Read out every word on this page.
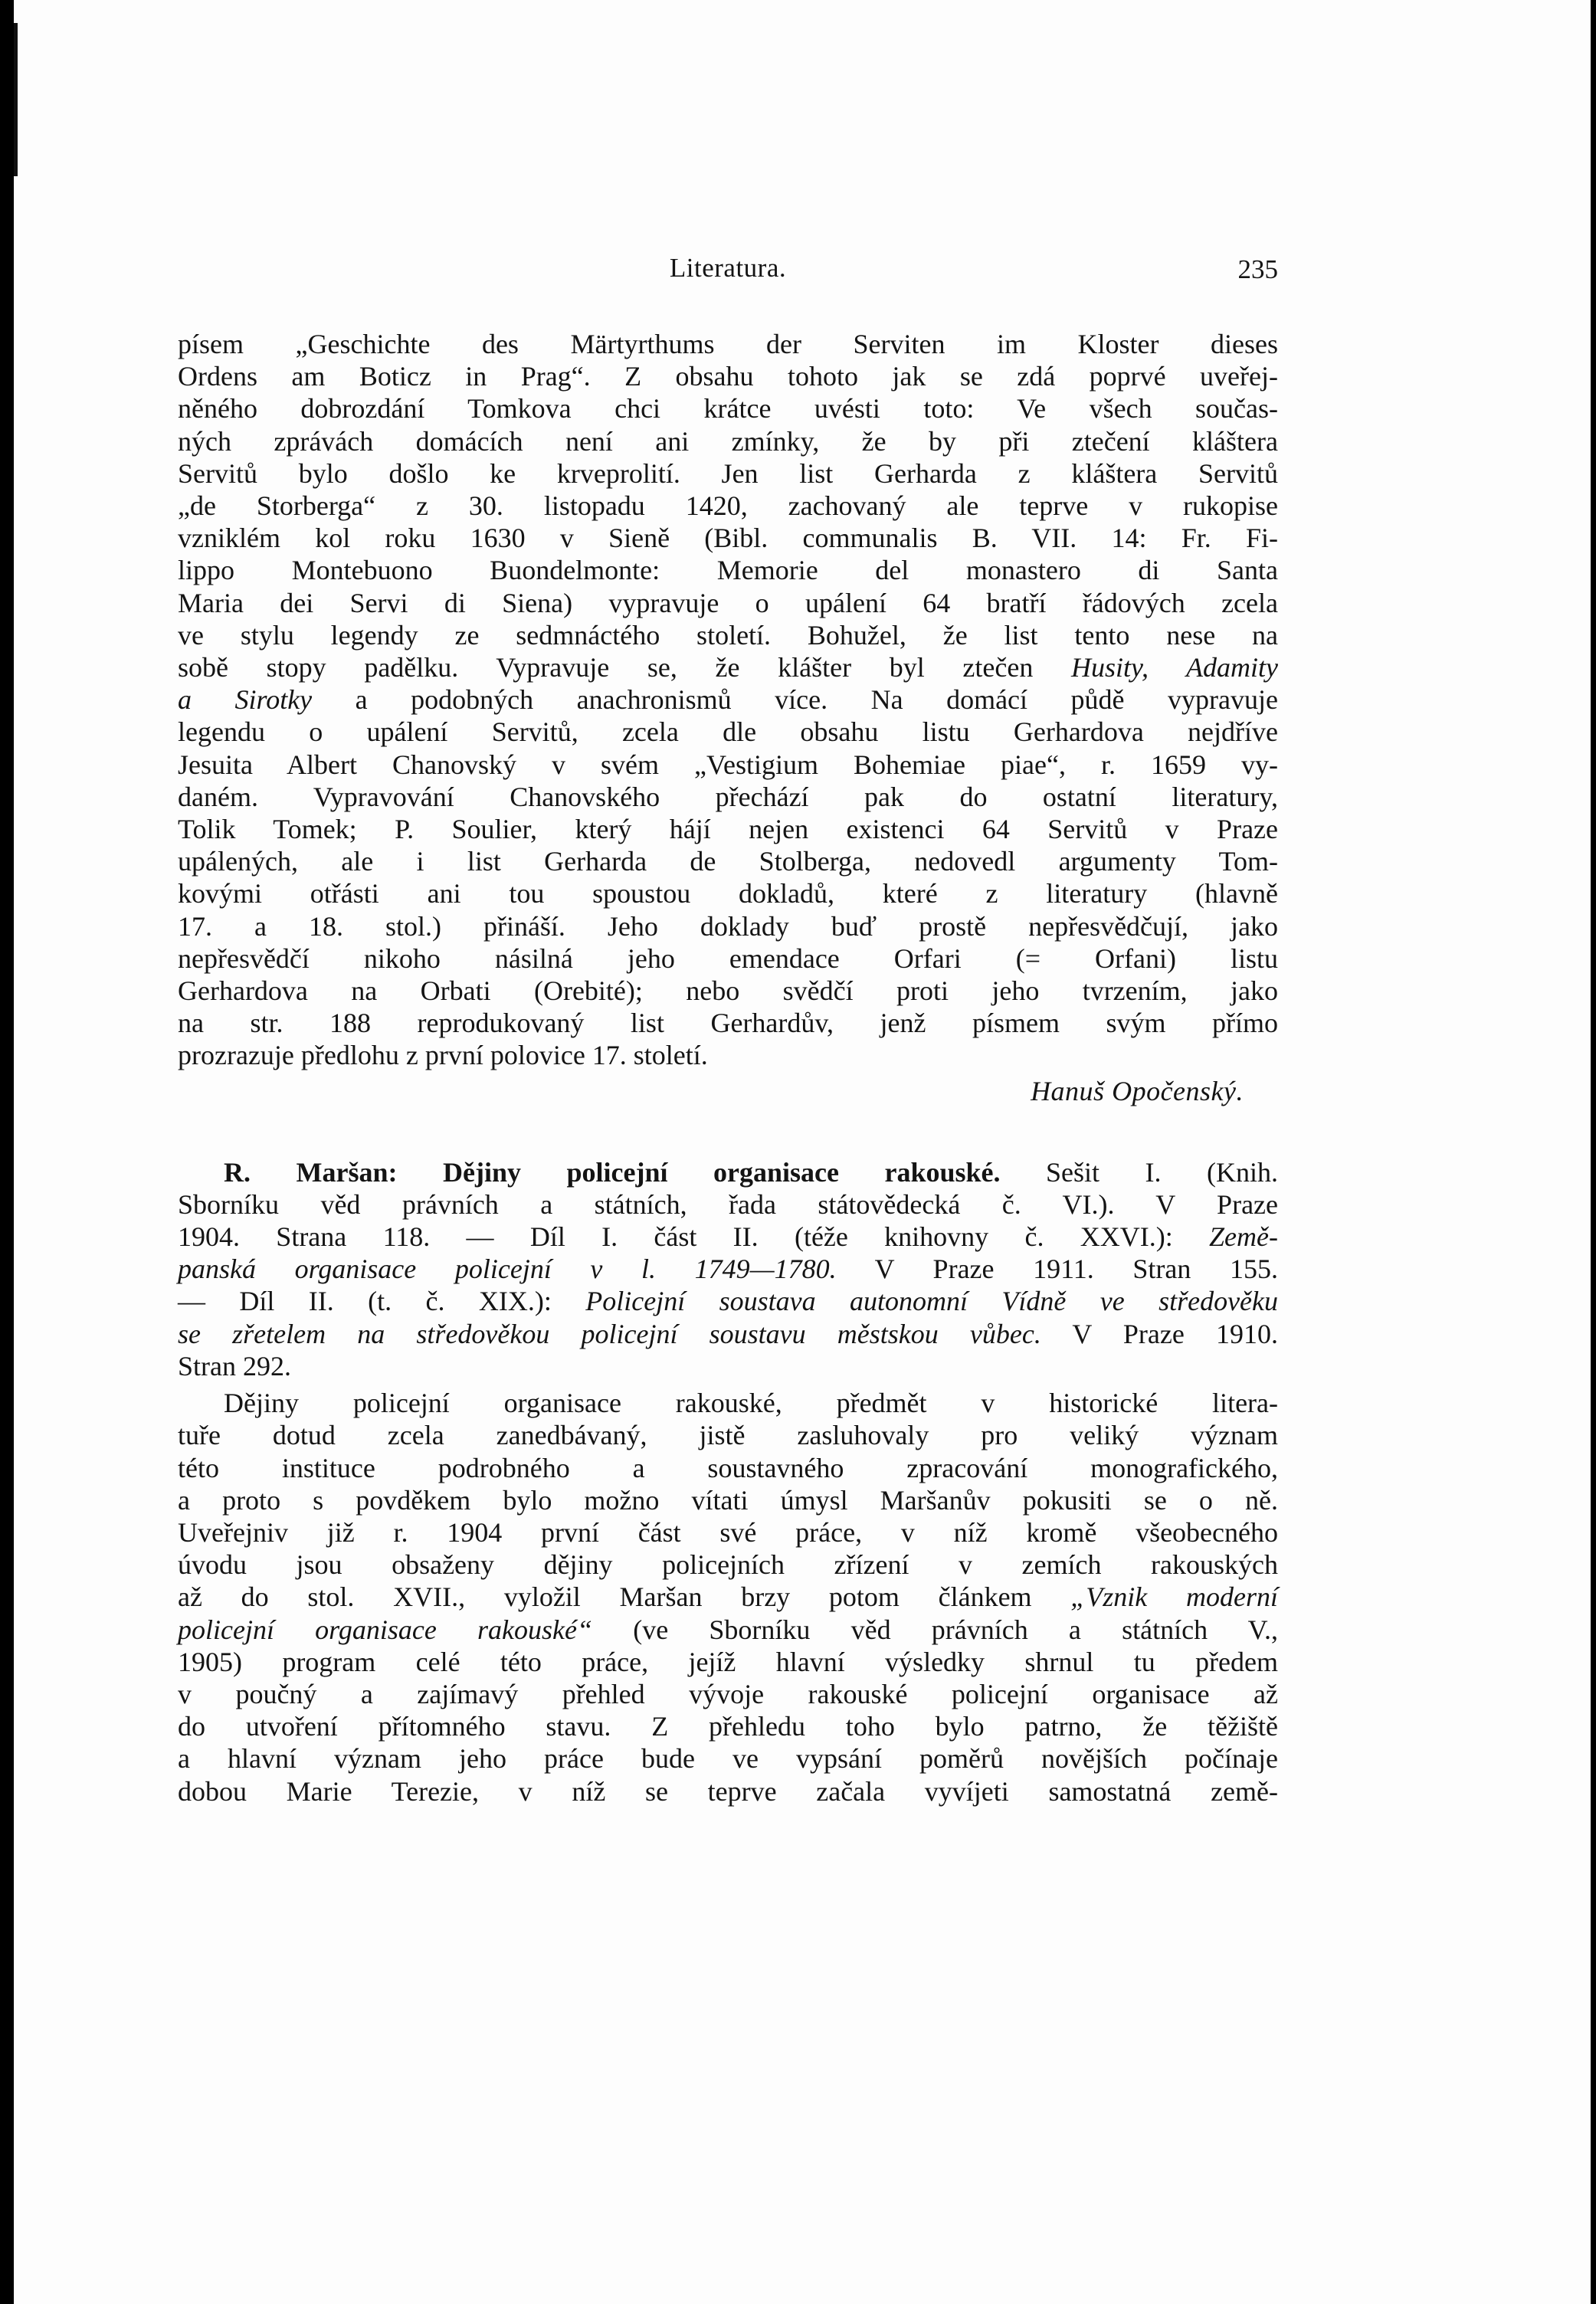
Literatura.	235
písem „Geschichte des Märtyrthums der Serviten im Kloster dieses
Ordens am Boticz in Prag“. Z obsahu tohoto jak se zdá poprvé uveřej-
něného dobrozdání Tomkova chci krátce uvésti toto: Ve všech součas-
ných zprávách domácích není ani zmínky, že by při ztečení kláštera
Servitů bylo došlo ke krveprolití. Jen list Gerharda z kláštera Servitů
„de Storberga“ z 30. listopadu 1420, zachovaný ale teprve v rukopise
vzniklém kol roku 1630 v Sieně (Bibl. communalis B. VII. 14: Fr. Fi-
lippo Montebuono Buondelmonte: Memorie del monastero di Santa
Maria dei Servi di Siena) vypravuje o upálení 64 bratří řádových zcela
ve stylu legendy ze sedmnáctého století. Bohužel, že list tento nese na
sobě stopy padělku. Vypravuje se, že klášter byl ztečen Husity, Adamity
a Sirotky a podobných anachronismů více. Na domácí půdě vypravuje
legendu o upálení Servitů, zcela dle obsahu listu Gerhardova nejdříve
Jesuita Albert Chanovský v svém „Vestigium Bohemiae piae“, r. 1659 vy-
daném. Vypravování Chanovského přechází pak do ostatní literatury,
Tolik Tomek; P. Soulier, který hájí nejen existenci 64 Servitů v Praze
upálených, ale i list Gerharda de Stolberga, nedovedl argumenty Tom-
kovými otřásti ani tou spoustou dokladů, které z literatury (hlavně
17. a 18. stol.) přináší. Jeho doklady buď prostě nepřesvědčují, jako
nepřesvědčí nikoho násilná jeho emendace Orfari (= Orfani) listu
Gerhardova na Orbati (Orebité); nebo svědčí proti jeho tvrzením, jako
na str. 188 reprodukovaný list Gerhardův, jenž písmem svým přímo
prozrazuje předlohu z první polovice 17. století.

Hanuš Opočenský.

R. Maršan: Dějiny policejní organisace rakouské. Sešit I. (Knih.
Sborníku věd právních a státních, řada státovědecká č. VI.). V Praze
1904. Strana 118. — Díl I. část II. (téže knihovny č. XXVI.): Země-
panská organisace policejní v l. 1749—1780. V Praze 1911. Stran 155.
— Díl II. (t. č. XIX.): Policejní soustava autonomní Vídně ve středověku
se zřetelem na středověkou policejní soustavu městskou vůbec. V Praze 1910.
Stran 292.
Dějiny policejní organisace rakouské, předmět v historické litera-
tuře dotud zcela zanedbávaný, jistě zasluhovaly pro veliký význam
této instituce podrobného a soustavného zpracování monografického,
a proto s povděkem bylo možno vítati úmysl Maršanův pokusiti se o ně.
Uveřejniv již r. 1904 první část své práce, v níž kromě všeobecného
úvodu jsou obsaženy dějiny policejních zřízení v zemích rakouských
až do stol. XVII., vyložil Maršan brzy potom článkem „Vznik moderní
policejní organisace rakouské“ (ve Sborníku věd právních a státních V.,
1905) program celé této práce, jejíž hlavní výsledky shrnul tu předem
v poučný a zajímavý přehled vývoje rakouské policejní organisace až
do utvoření přítomného stavu. Z přehledu toho bylo patrno, že těžiště
a hlavní význam jeho práce bude ve vypsání poměrů novějších počínaje
dobou Marie Terezie, v níž se teprve začala vyvíjeti samostatná země-
